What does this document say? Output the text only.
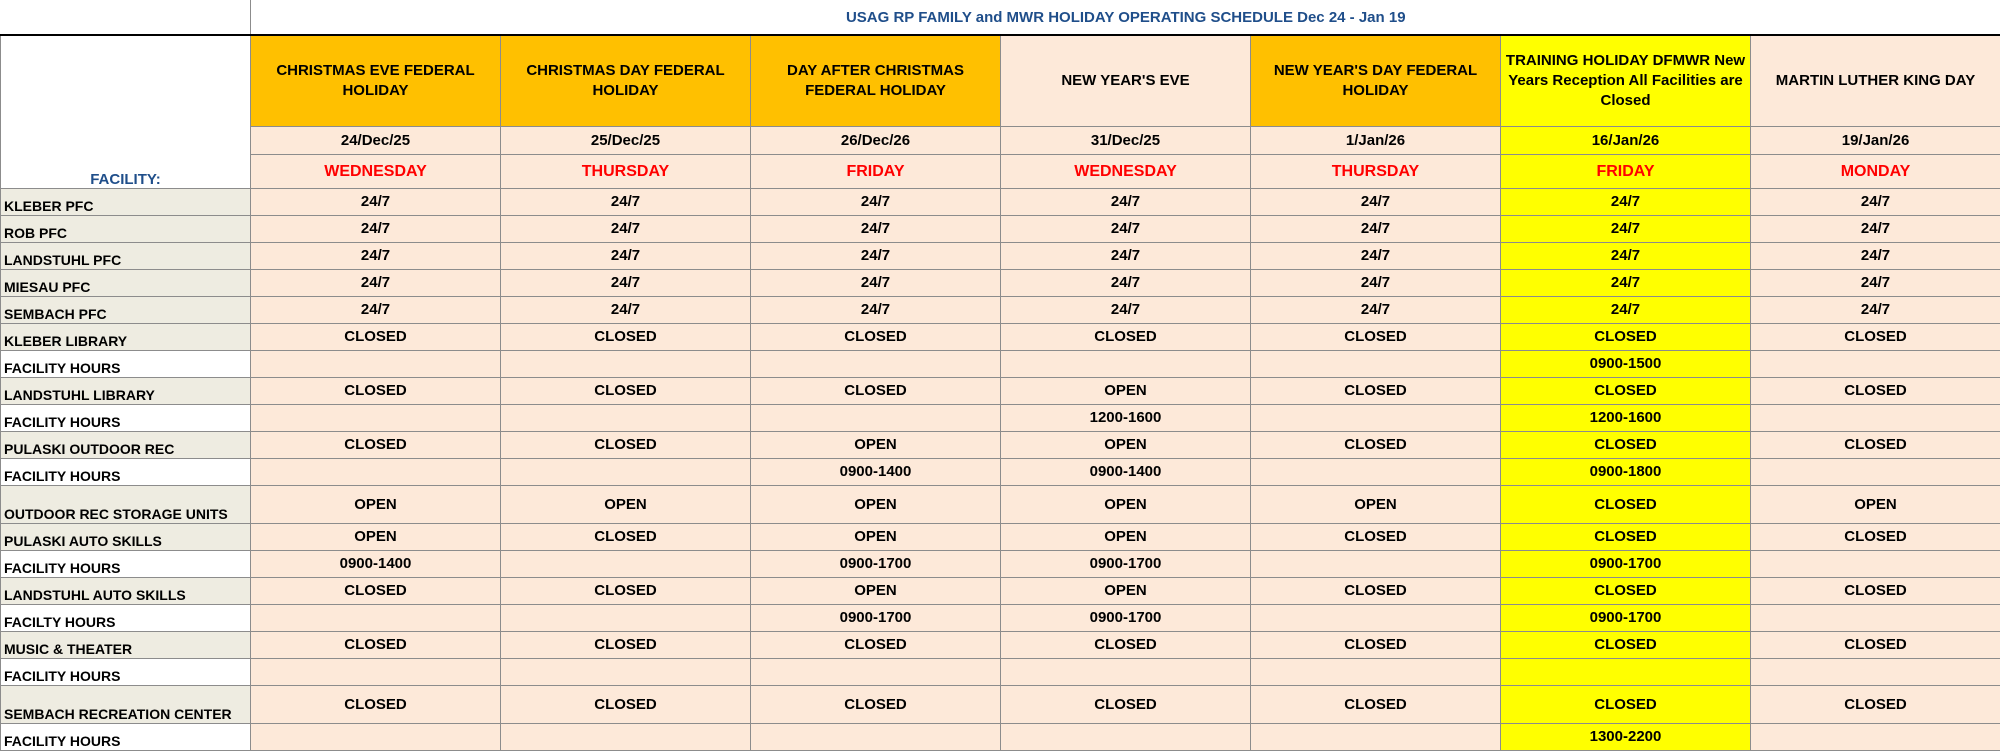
	USAG RP FAMILY and MWR HOLIDAY OPERATING SCHEDULE Dec 24 - Jan 19						
FACILITY:	CHRISTMAS EVE FEDERAL HOLIDAY	CHRISTMAS DAY FEDERAL HOLIDAY	DAY AFTER CHRISTMAS FEDERAL HOLIDAY	NEW YEAR'S EVE	NEW YEAR'S DAY FEDERAL HOLIDAY	TRAINING HOLIDAY DFMWR New Years Reception All Facilities are Closed	MARTIN LUTHER KING DAY
	24/Dec/25	25/Dec/25	26/Dec/26	31/Dec/25	1/Jan/26	16/Jan/26	19/Jan/26
	WEDNESDAY	THURSDAY	FRIDAY	WEDNESDAY	THURSDAY	FRIDAY	MONDAY
KLEBER PFC	24/7	24/7	24/7	24/7	24/7	24/7	24/7
ROB PFC	24/7	24/7	24/7	24/7	24/7	24/7	24/7
LANDSTUHL PFC	24/7	24/7	24/7	24/7	24/7	24/7	24/7
MIESAU PFC	24/7	24/7	24/7	24/7	24/7	24/7	24/7
SEMBACH PFC	24/7	24/7	24/7	24/7	24/7	24/7	24/7
KLEBER LIBRARY	CLOSED	CLOSED	CLOSED	CLOSED	CLOSED	CLOSED	CLOSED
FACILITY HOURS						0900-1500	
LANDSTUHL LIBRARY	CLOSED	CLOSED	CLOSED	OPEN	CLOSED	CLOSED	CLOSED
FACILITY HOURS				1200-1600		1200-1600	
PULASKI OUTDOOR REC	CLOSED	CLOSED	OPEN	OPEN	CLOSED	CLOSED	CLOSED
FACILITY HOURS			0900-1400	0900-1400		0900-1800	
OUTDOOR REC STORAGE UNITS	OPEN	OPEN	OPEN	OPEN	OPEN	CLOSED	OPEN
PULASKI AUTO SKILLS	OPEN	CLOSED	OPEN	OPEN	CLOSED	CLOSED	CLOSED
FACILITY HOURS	0900-1400		0900-1700	0900-1700		0900-1700	
LANDSTUHL AUTO SKILLS	CLOSED	CLOSED	OPEN	OPEN	CLOSED	CLOSED	CLOSED
FACILTY HOURS			0900-1700	0900-1700		0900-1700	
MUSIC & THEATER	CLOSED	CLOSED	CLOSED	CLOSED	CLOSED	CLOSED	CLOSED
FACILITY HOURS							
SEMBACH RECREATION CENTER	CLOSED	CLOSED	CLOSED	CLOSED	CLOSED	CLOSED	CLOSED
FACILITY HOURS						1300-2200	
